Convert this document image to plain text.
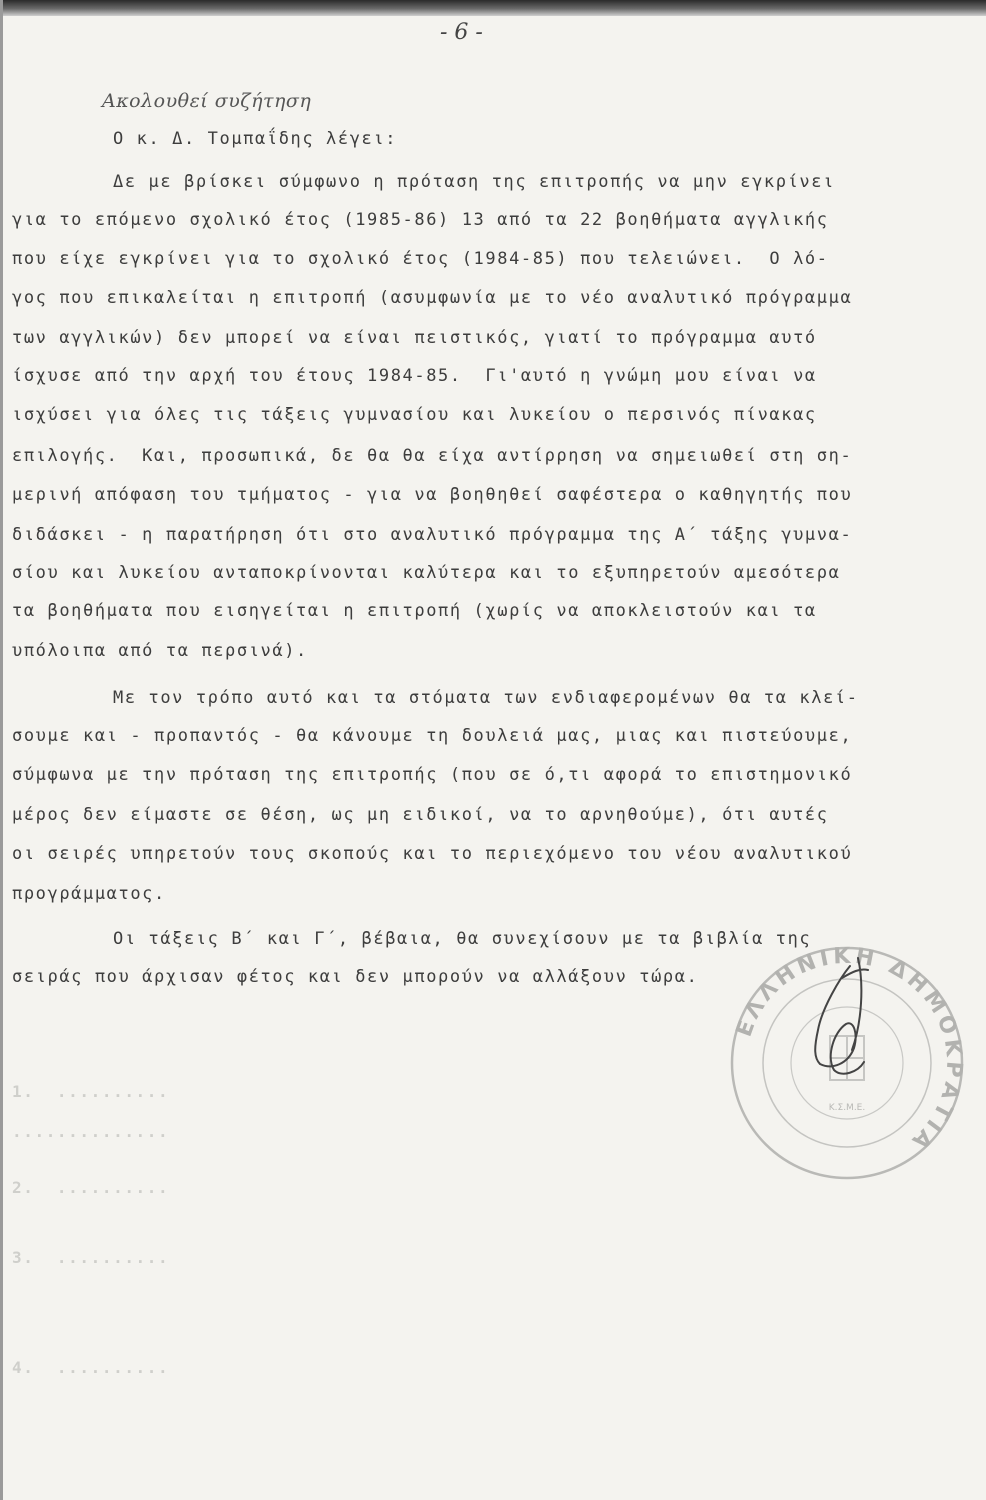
- 6 -
Ακολουθεί συζήτηση
Ο κ. Δ. Τομπαΐδης λέγει:
Δε με βρίσκει σύμφωνο η πρόταση της επιτροπής να μην εγκρίνει
για το επόμενο σχολικό έτος (1985-86) 13 από τα 22 βοηθήματα αγγλικής
που είχε εγκρίνει για το σχολικό έτος (1984-85) που τελειώνει.  Ο λό-
γος που επικαλείται η επιτροπή (ασυμφωνία με το νέο αναλυτικό πρόγραμμα
των αγγλικών) δεν μπορεί να είναι πειστικός, γιατί το πρόγραμμα αυτό
ίσχυσε από την αρχή του έτους 1984-85.  Γι'αυτό η γνώμη μου είναι να
ισχύσει για όλες τις τάξεις γυμνασίου και λυκείου ο περσινός πίνακας
επιλογής.  Και, προσωπικά, δε θα θα είχα αντίρρηση να σημειωθεί στη ση-
μερινή απόφαση του τμήματος - για να βοηθηθεί σαφέστερα ο καθηγητής που
διδάσκει - η παρατήρηση ότι στο αναλυτικό πρόγραμμα της Α΄ τάξης γυμνα-
σίου και λυκείου ανταποκρίνονται καλύτερα και το εξυπηρετούν αμεσότερα
τα βοηθήματα που εισηγείται η επιτροπή (χωρίς να αποκλειστούν και τα
υπόλοιπα από τα περσινά).
Με τον τρόπο αυτό και τα στόματα των ενδιαφερομένων θα τα κλεί-
σουμε και - προπαντός - θα κάνουμε τη δουλειά μας, μιας και πιστεύουμε,
σύμφωνα με την πρόταση της επιτροπής (που σε ό,τι αφορά το επιστημονικό
μέρος δεν είμαστε σε θέση, ως μη ειδικοί, να το αρνηθούμε), ότι αυτές
οι σειρές υπηρετούν τους σκοπούς και το περιεχόμενο του νέου αναλυτικού
προγράμματος.
Οι τάξεις Β΄ και Γ΄, βέβαια, θα συνεχίσουν με τα βιβλία της
σειράς που άρχισαν φέτος και δεν μπορούν να αλλάξουν τώρα.
ΕΛΛΗΝΙΚΗ ΔΗΜΟΚΡΑΤΙΑ
Κ.Σ.Μ.Ε.
1.  ..........
..............
2.  ..........
3.  ..........
4.  ..........
